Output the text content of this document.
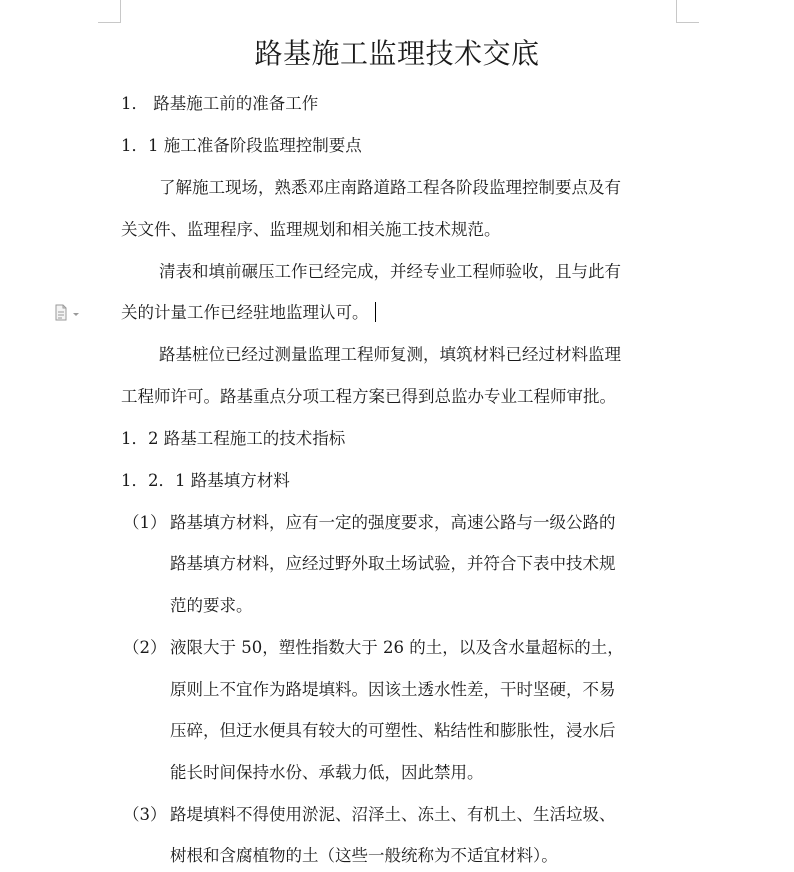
路基施工监理技术交底
1． 路基施工前的准备工作
1．1 施工准备阶段监理控制要点
了解施工现场，熟悉邓庄南路道路工程各阶段监理控制要点及有
关文件、监理程序、监理规划和相关施工技术规范。
清表和填前碾压工作已经完成，并经专业工程师验收，且与此有
关的计量工作已经驻地监理认可。
路基桩位已经过测量监理工程师复测，填筑材料已经过材料监理
工程师许可。路基重点分项工程方案已得到总监办专业工程师审批。
1．2 路基工程施工的技术指标
1．2．1 路基填方材料
（1） 路基填方材料，应有一定的强度要求，高速公路与一级公路的
路基填方材料，应经过野外取土场试验，并符合下表中技术规
范的要求。
（2） 液限大于 50，塑性指数大于 26 的土，以及含水量超标的土，
原则上不宜作为路堤填料。因该土透水性差，干时坚硬，不易
压碎，但迂水便具有较大的可塑性、粘结性和膨胀性，浸水后
能长时间保持水份、承载力低，因此禁用。
（3） 路堤填料不得使用淤泥、沼泽土、冻土、有机土、生活垃圾、
树根和含腐植物的土（这些一般统称为不适宜材料）。
